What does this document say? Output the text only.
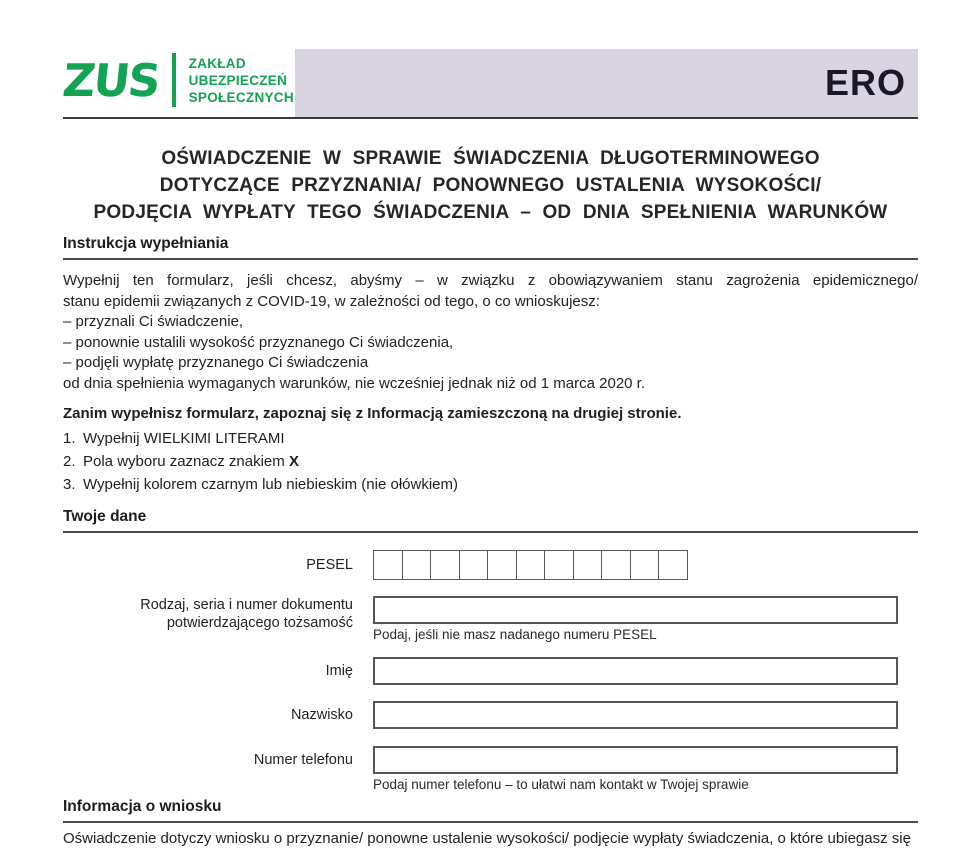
ZUS ZAKŁAD
UBEZPIECZEŃ
SPOŁECZNYCH	ERO
OŚWIADCZENIE W SPRAWIE ŚWIADCZENIA DŁUGOTERMINOWEGO
DOTYCZĄCE PRZYZNANIA/ PONOWNEGO USTALENIA WYSOKOŚCI/
PODJĘCIA WYPŁATY TEGO ŚWIADCZENIA – OD DNIA SPEŁNIENIA WARUNKÓW
Instrukcja wypełniania
Wypełnij ten formularz, jeśli chcesz, abyśmy – w związku z obowiązywaniem stanu zagrożenia epidemicznego/
stanu epidemii związanych z COVID-19, w zależności od tego, o co wnioskujesz:
– przyznali Ci świadczenie,
– ponownie ustalili wysokość przyznanego Ci świadczenia,
– podjęli wypłatę przyznanego Ci świadczenia
od dnia spełnienia wymaganych warunków, nie wcześniej jednak niż od 1 marca 2020 r.
Zanim wypełnisz formularz, zapoznaj się z Informacją zamieszczoną na drugiej stronie.
1. Wypełnij WIELKIMI LITERAMI
2. Pola wyboru zaznacz znakiem X
3. Wypełnij kolorem czarnym lub niebieskim (nie ołówkiem)
Twoje dane
PESEL
Rodzaj, seria i numer dokumentu
potwierdzającego tożsamość
Podaj, jeśli nie masz nadanego numeru PESEL
Imię
Nazwisko
Numer telefonu
Podaj numer telefonu – to ułatwi nam kontakt w Twojej sprawie
Informacja o wniosku
Oświadczenie dotyczy wniosku o przyznanie/ ponowne ustalenie wysokości/ podjęcie wypłaty świadczenia, o które ubiegasz się
